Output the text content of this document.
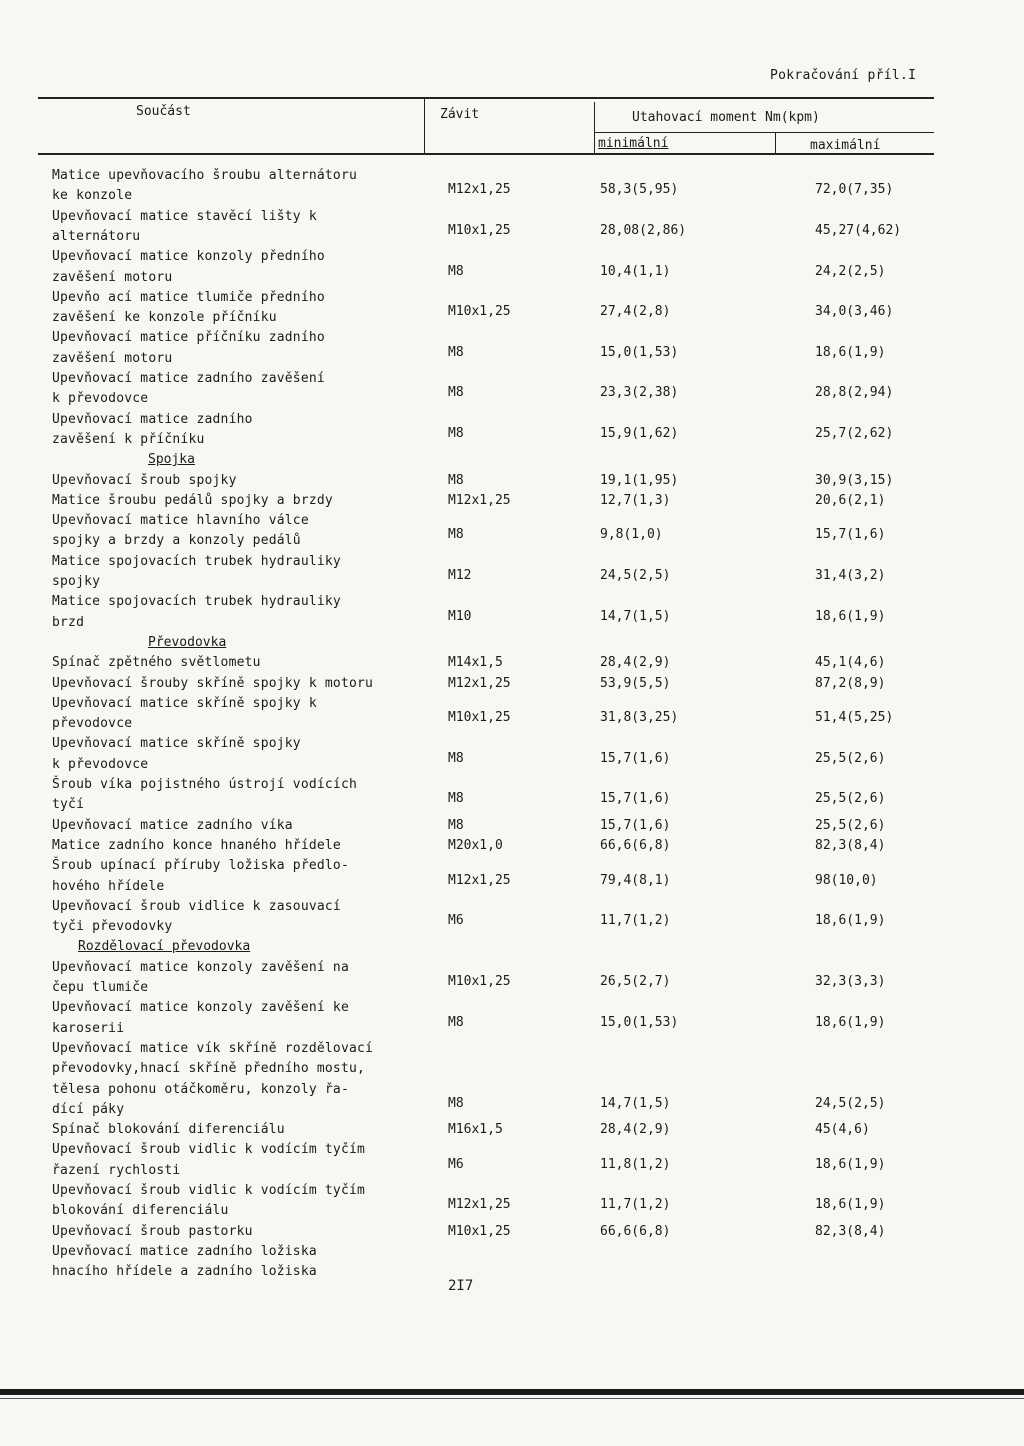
Pokračování příl.I
Součást	Závit	Utahovací moment Nm(kpm)
minimální	maximální
Matice upevňovacího šroubu alternátoru
ke konzole	M12x1,25	58,3(5,95)	72,0(7,35)
Upevňovací matice stavěcí lišty k
alternátoru	M10x1,25	28,08(2,86)	45,27(4,62)
Upevňovací matice konzoly předního
zavěšení motoru	M8	10,4(1,1)	24,2(2,5)
Upevňo ací matice tlumiče předního
zavěšení ke konzole příčníku	M10x1,25	27,4(2,8)	34,0(3,46)
Upevňovací matice příčníku zadního
zavěšení motoru	M8	15,0(1,53)	18,6(1,9)
Upevňovací matice zadního zavěšení
k převodovce	M8	23,3(2,38)	28,8(2,94)
Upevňovací matice zadního
zavěšení k příčníku	M8	15,9(1,62)	25,7(2,62)
Spojka
Upevňovací šroub spojky	M8	19,1(1,95)	30,9(3,15)
Matice šroubu pedálů spojky a brzdy	M12x1,25	12,7(1,3)	20,6(2,1)
Upevňovací matice hlavního válce
spojky a brzdy a konzoly pedálů	M8	9,8(1,0)	15,7(1,6)
Matice spojovacích trubek hydrauliky
spojky	M12	24,5(2,5)	31,4(3,2)
Matice spojovacích trubek hydrauliky
brzd	M10	14,7(1,5)	18,6(1,9)
Převodovka
Spínač zpětného světlometu	M14x1,5	28,4(2,9)	45,1(4,6)
Upevňovací šrouby skříně spojky k motoru	M12x1,25	53,9(5,5)	87,2(8,9)
Upevňovací matice skříně spojky k
převodovce	M10x1,25	31,8(3,25)	51,4(5,25)
Upevňovací matice skříně spojky
k převodovce	M8	15,7(1,6)	25,5(2,6)
Šroub víka pojistného ústrojí vodících
tyčí	M8	15,7(1,6)	25,5(2,6)
Upevňovací matice zadního víka	M8	15,7(1,6)	25,5(2,6)
Matice zadního konce hnaného hřídele	M20x1,0	66,6(6,8)	82,3(8,4)
Šroub upínací příruby ložiska předlo-
hového hřídele	M12x1,25	79,4(8,1)	98(10,0)
Upevňovací šroub vidlice k zasouvací
tyči převodovky	M6	11,7(1,2)	18,6(1,9)
Rozdělovací převodovka
Upevňovací matice konzoly zavěšení na
čepu tlumiče	M10x1,25	26,5(2,7)	32,3(3,3)
Upevňovací matice konzoly zavěšení ke
karoserii	M8	15,0(1,53)	18,6(1,9)
Upevňovací matice vík skříně rozdělovací
převodovky,hnací skříně předního mostu,
tělesa pohonu otáčkoměru, konzoly řa-
dící páky	M8	14,7(1,5)	24,5(2,5)
Spínač blokování diferenciálu	M16x1,5	28,4(2,9)	45(4,6)
Upevňovací šroub vidlic k vodícím tyčím
řazení rychlosti	M6	11,8(1,2)	18,6(1,9)
Upevňovací šroub vidlic k vodícím tyčím
blokování diferenciálu	M12x1,25	11,7(1,2)	18,6(1,9)
Upevňovací šroub pastorku	M10x1,25	66,6(6,8)	82,3(8,4)
Upevňovací matice zadního ložiska
hnacího hřídele a zadního ložiska
2I7
